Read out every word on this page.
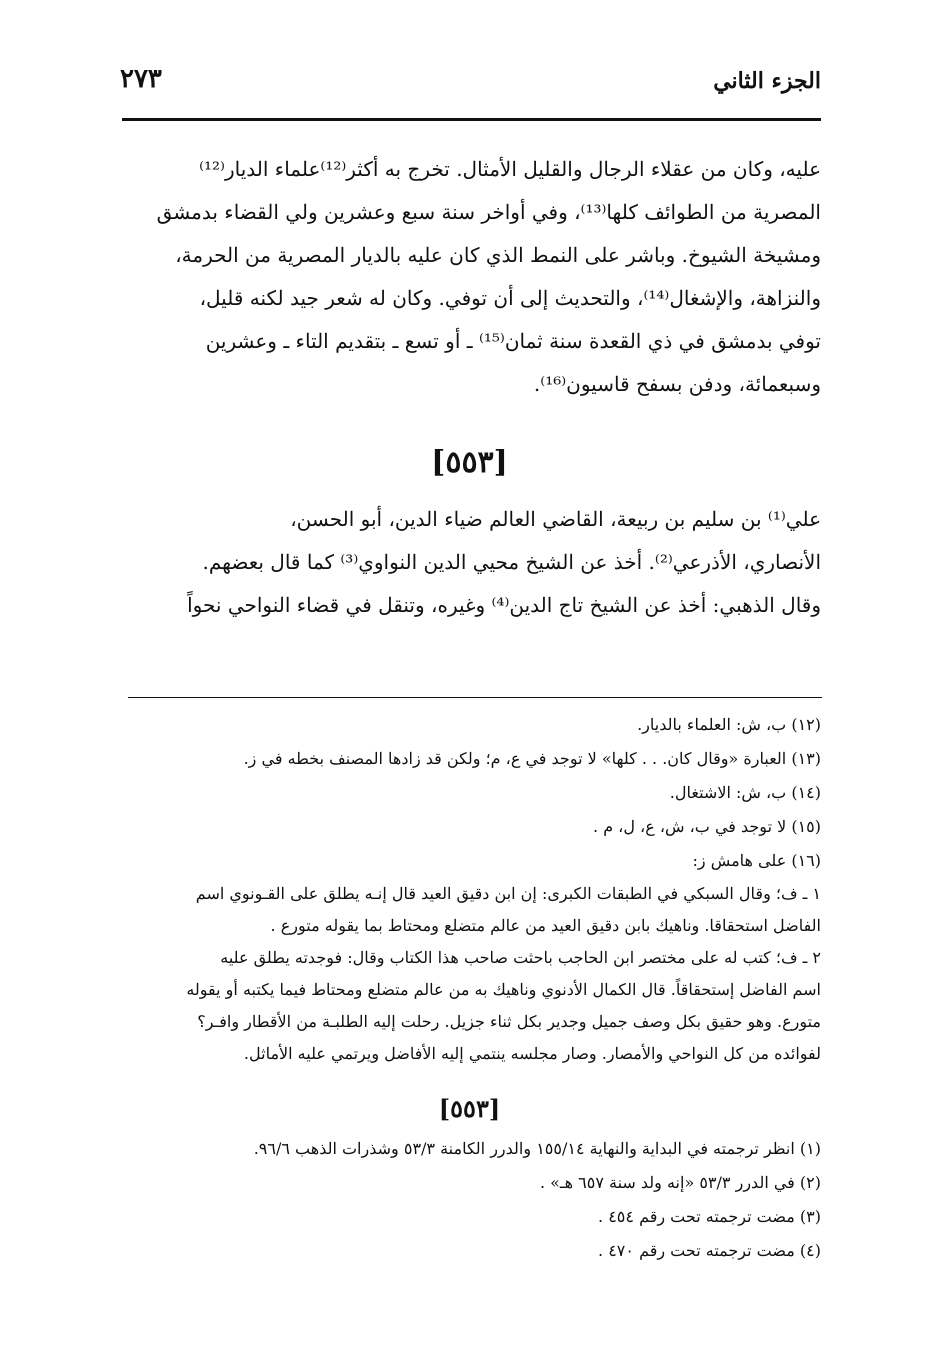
الجزء الثاني
٢٧٣

عليه، وكان من عقلاء الرجال والقليل الأمثال. تخرج به أكثر⁽¹²⁾علماء الديار⁽¹²⁾
المصرية من الطوائف كلها⁽¹³⁾، وفي أواخر سنة سبع وعشرين ولي القضاء بدمشق
ومشيخة الشيوخ. وباشر على النمط الذي كان عليه بالديار المصرية من الحرمة،
والنزاهة، والإشغال⁽¹⁴⁾، والتحديث إلى أن توفي. وكان له شعر جيد لكنه قليل،
توفي بدمشق في ذي القعدة سنة ثمان⁽¹⁵⁾ ـ أو تسع ـ بتقديم التاء ـ وعشرين
وسبعمائة، ودفن بسفح قاسيون⁽¹⁶⁾.

[٥٥٣]

علي⁽¹⁾ بن سليم بن ربيعة، القاضي العالم ضياء الدين، أبو الحسن،
الأنصاري، الأذرعي⁽²⁾. أخذ عن الشيخ محيي الدين النواوي⁽³⁾ كما قال بعضهم.
وقال الذهبي: أخذ عن الشيخ تاج الدين⁽⁴⁾ وغيره، وتنقل في قضاء النواحي نحواً

(١٢) ب، ش: العلماء بالديار.

(١٣) العبارة «وقال كان. . . كلها» لا توجد في ع، م؛ ولكن قد زادها المصنف بخطه في ز.

(١٤) ب، ش: الاشتغال.

(١٥) لا توجد في ب، ش، ع، ل، م .

(١٦) على هامش ز:

١ ـ ف؛ وقال السبكي في الطبقات الكبرى: إن ابن دقيق العيد قال إنـه يطلق على القـونوي اسم

الفاضل استحقاقا. وناهيك بابن دقيق العيد من عالم متضلع ومحتاط بما يقوله متورع .

٢ ـ ف؛ كتب له على مختصر ابن الحاجب باحثت صاحب هذا الكتاب وقال: فوجدته يطلق عليه

اسم الفاضل إستحقاقاً. قال الكمال الأدنوي وناهيك به من عالم متضلع ومحتاط فيما يكتبه أو يقوله

متورع. وهو حقيق بكل وصف جميل وجدير بكل ثناء جزيل. رحلت إليه الطلبـة من الأقطار وافـر؟

لفوائده من كل النواحي والأمصار. وصار مجلسه ينتمي إليه الأفاضل ويرتمي عليه الأماثل.

[٥٥٣]

(١) انظر ترجمته في البداية والنهاية ١٥٥/١٤ والدرر الكامنة ٥٣/٣ وشذرات الذهب ٩٦/٦.

(٢) في الدرر ٥٣/٣ «إنه ولد سنة ٦٥٧ هـ» .

(٣) مضت ترجمته تحت رقم ٤٥٤ .

(٤) مضت ترجمته تحت رقم ٤٧٠ .
